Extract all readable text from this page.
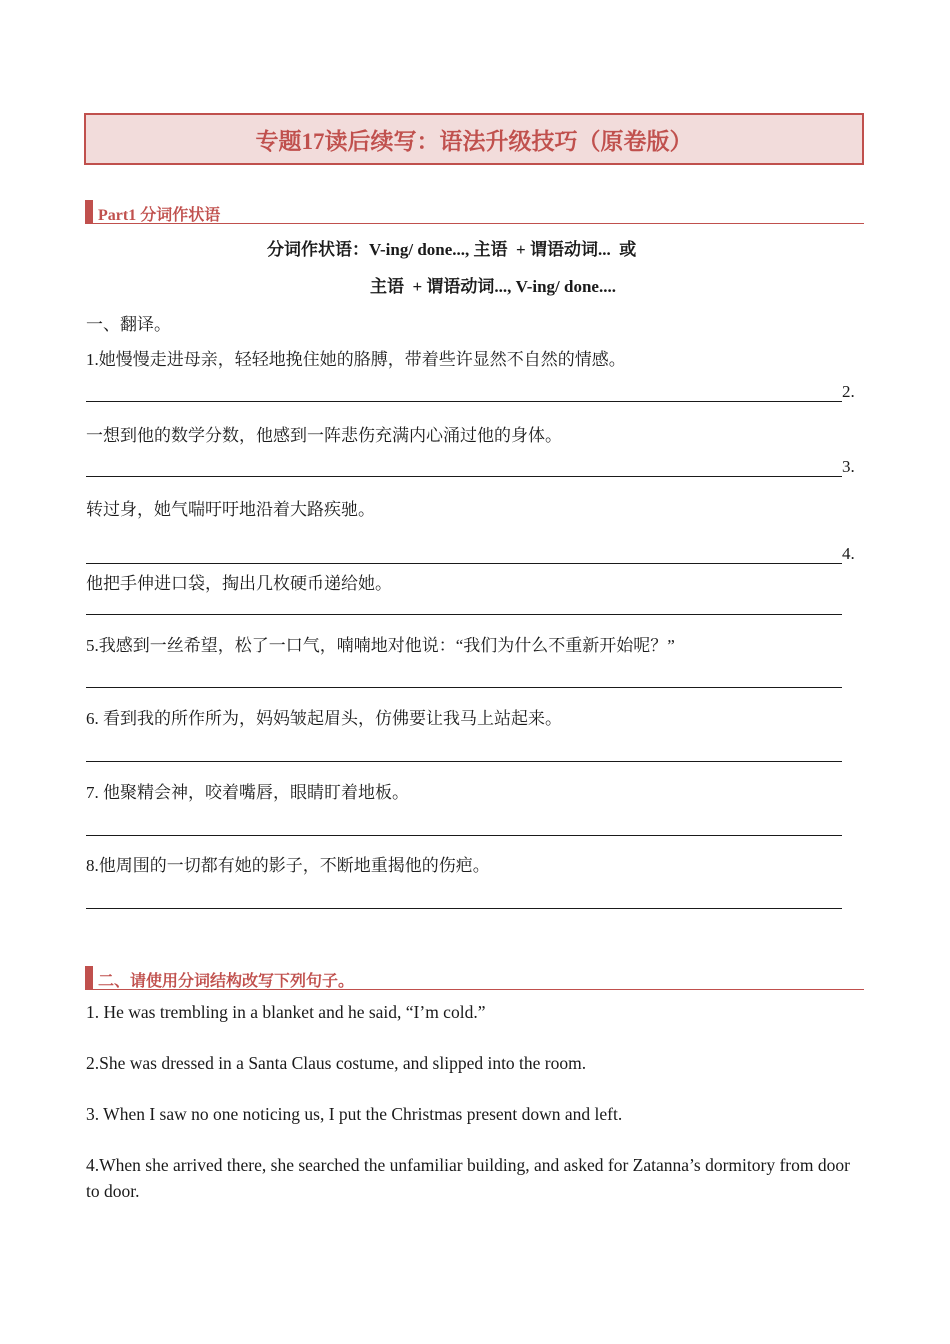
专题17读后续写：语法升级技巧（原卷版）
Part1 分词作状语
分词作状语：V-ing/ done..., 主语  + 谓语动词...  或
主语  + 谓语动词..., V-ing/ done....
一、翻译。
1.她慢慢走进母亲，轻轻地挽住她的胳膊，带着些许显然不自然的情感。
2.
一想到他的数学分数，他感到一阵悲伤充满内心涌过他的身体。
3.
转过身，她气喘吁吁地沿着大路疾驰。
4.
他把手伸进口袋，掏出几枚硬币递给她。
5.我感到一丝希望，松了一口气，喃喃地对他说：“我们为什么不重新开始呢？”
6. 看到我的所作所为，妈妈皱起眉头，仿佛要让我马上站起来。
7. 他聚精会神，咬着嘴唇，眼睛盯着地板。
8.他周围的一切都有她的影子，不断地重揭他的伤疤。
二、请使用分词结构改写下列句子。
1. He was trembling in a blanket and he said, “I’m cold.”
2.She was dressed in a Santa Claus costume, and slipped into the room.
3. When I saw no one noticing us, I put the Christmas present down and left.
4.When she arrived there, she searched the unfamiliar building, and asked for Zatanna’s dormitory from door to door.
